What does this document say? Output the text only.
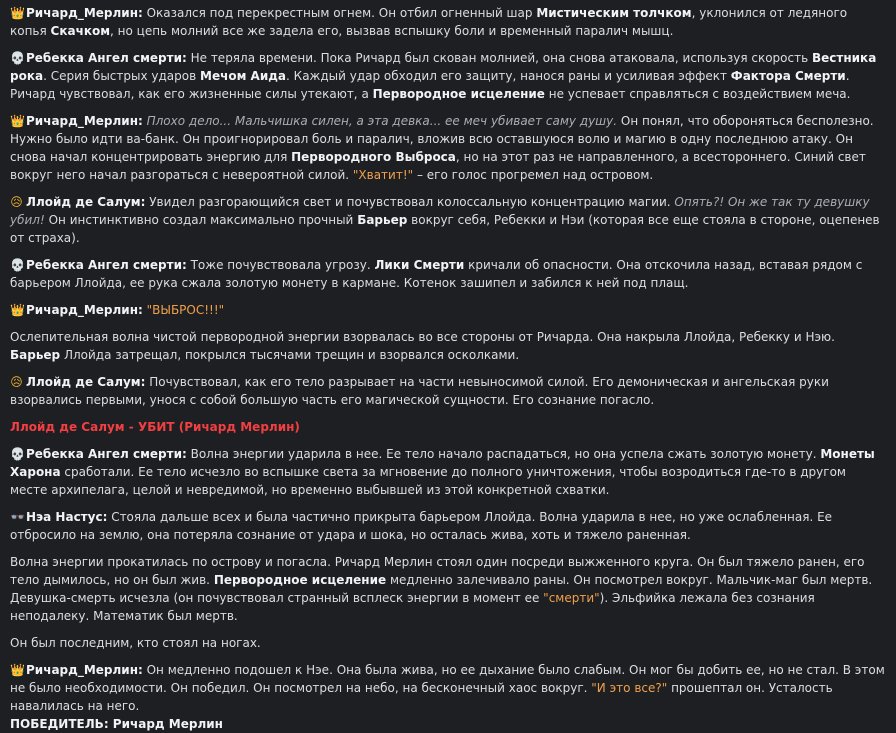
👑Ричард_Мерлин: Оказался под перекрестным огнем. Он отбил огненный шар Мистическим толчком, уклонился от ледяного копья Скачком, но цепь молний все же задела его, вызвав вспышку боли и временный паралич мышц.
💀Ребекка Ангел смерти: Не теряла времени. Пока Ричард был скован молнией, она снова атаковала, используя скорость Вестника рока. Серия быстрых ударов Мечом Аида. Каждый удар обходил его защиту, нанося раны и усиливая эффект Фактора Смерти. Ричард чувствовал, как его жизненные силы утекают, а Первородное исцеление не успевает справляться с воздействием меча.
👑Ричард_Мерлин: Плохо дело... Мальчишка силен, а эта девка... ее меч убивает саму душу. Он понял, что обороняться бесполезно. Нужно было идти ва-банк. Он проигнорировал боль и паралич, вложив всю оставшуюся волю и магию в одну последнюю атаку. Он снова начал концентрировать энергию для Первородного Выброса, но на этот раз не направленного, а всестороннего. Синий свет вокруг него начал разгораться с невероятной силой. "Хватит!" – его голос прогремел над островом.
😥 Ллойд де Салум: Увидел разгорающийся свет и почувствовал колоссальную концентрацию магии. Опять?! Он же так ту девушку убил! Он инстинктивно создал максимально прочный Барьер вокруг себя, Ребекки и Нэи (которая все еще стояла в стороне, оцепенев от страха).
💀Ребекка Ангел смерти: Тоже почувствовала угрозу. Лики Смерти кричали об опасности. Она отскочила назад, вставая рядом с барьером Ллойда, ее рука сжала золотую монету в кармане. Котенок зашипел и забился к ней под плащ.
👑Ричард_Мерлин: "ВЫБРОС!!!"
Ослепительная волна чистой первородной энергии взорвалась во все стороны от Ричарда. Она накрыла Ллойда, Ребекку и Нэю. Барьер Ллойда затрещал, покрылся тысячами трещин и взорвался осколками.
😥 Ллойд де Салум: Почувствовал, как его тело разрывает на части невыносимой силой. Его демоническая и ангельская руки взорвались первыми, унося с собой большую часть его магической сущности. Его сознание погасло.
Ллойд де Салум - УБИТ (Ричард Мерлин)
💀Ребекка Ангел смерти: Волна энергии ударила в нее. Ее тело начало распадаться, но она успела сжать золотую монету. Монеты Харона сработали. Ее тело исчезло во вспышке света за мгновение до полного уничтожения, чтобы возродиться где-то в другом месте архипелага, целой и невредимой, но временно выбывшей из этой конкретной схватки.
👓Нэа Настус: Стояла дальше всех и была частично прикрыта барьером Ллойда. Волна ударила в нее, но уже ослабленная. Ее отбросило на землю, она потеряла сознание от удара и шока, но осталась жива, хоть и тяжело раненная.
Волна энергии прокатилась по острову и погасла. Ричард Мерлин стоял один посреди выжженного круга. Он был тяжело ранен, его тело дымилось, но он был жив. Первородное исцеление медленно залечивало раны. Он посмотрел вокруг. Мальчик-маг был мертв. Девушка-смерть исчезла (он почувствовал странный всплеск энергии в момент ее "смерти"). Эльфийка лежала без сознания неподалеку. Математик был мертв.
Он был последним, кто стоял на ногах.
👑Ричард_Мерлин: Он медленно подошел к Нэе. Она была жива, но ее дыхание было слабым. Он мог бы добить ее, но не стал. В этом не было необходимости. Он победил. Он посмотрел на небо, на бесконечный хаос вокруг. "И это все?" прошептал он. Усталость навалилась на него.
ПОБЕДИТЕЛЬ: Ричард Мерлин
